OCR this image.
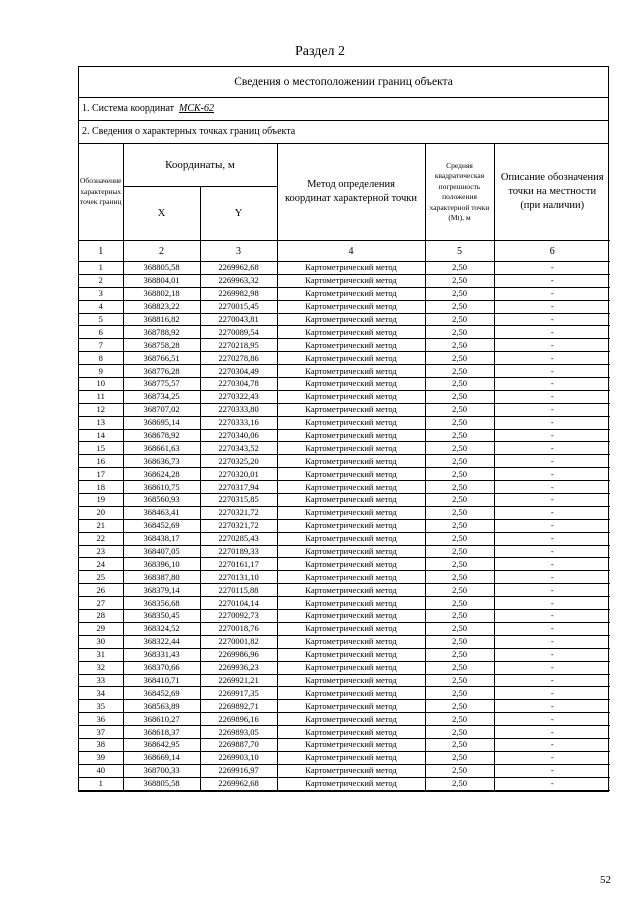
Раздел 2
Сведения о местоположении границ объекта
1. Система координат МСК-62
2. Сведения о характерных точках границ объекта
Обозначение характерных точек границ	Координаты, м		Метод определения координат характерной точки	Средняя квадратическая погрешность положения характерной точки (Mt), м	Описание обозначения точки на местности (при наличии)
	X	Y			
1	2	3	4	5	6
1	368805,58	2269962,68	Картометрический метод	2,50	-
2	368804,01	2269963,32	Картометрический метод	2,50	-
3	368802,18	2269982,98	Картометрический метод	2,50	-
4	368823,22	2270015,45	Картометрический метод	2,50	-
5	368816,82	2270043,81	Картометрический метод	2,50	-
6	368788,92	2270089,54	Картометрический метод	2,50	-
7	368758,28	2270218,95	Картометрический метод	2,50	-
8	368766,51	2270278,86	Картометрический метод	2,50	-
9	368776,28	2270304,49	Картометрический метод	2,50	-
10	368775,57	2270304,78	Картометрический метод	2,50	-
11	368734,25	2270322,43	Картометрический метод	2,50	-
12	368707,02	2270333,80	Картометрический метод	2,50	-
13	368695,14	2270333,16	Картометрический метод	2,50	-
14	368678,92	2270340,06	Картометрический метод	2,50	-
15	368661,63	2270343,52	Картометрический метод	2,50	-
16	368636,73	2270325,20	Картометрический метод	2,50	-
17	368624,28	2270320,01	Картометрический метод	2,50	-
18	368610,75	2270317,94	Картометрический метод	2,50	-
19	368560,93	2270315,85	Картометрический метод	2,50	-
20	368463,41	2270321,72	Картометрический метод	2,50	-
21	368452,69	2270321,72	Картометрический метод	2,50	-
22	368438,17	2270285,43	Картометрический метод	2,50	-
23	368407,05	2270189,33	Картометрический метод	2,50	-
24	368396,10	2270161,17	Картометрический метод	2,50	-
25	368387,80	2270131,10	Картометрический метод	2,50	-
26	368379,14	2270115,88	Картометрический метод	2,50	-
27	368356,68	2270104,14	Картометрический метод	2,50	-
28	368350,45	2270092,73	Картометрический метод	2,50	-
29	368324,52	2270018,76	Картометрический метод	2,50	-
30	368322,44	2270001,82	Картометрический метод	2,50	-
31	368331,43	2269986,96	Картометрический метод	2,50	-
32	368370,66	2269936,23	Картометрический метод	2,50	-
33	368410,71	2269921,21	Картометрический метод	2,50	-
34	368452,69	2269917,35	Картометрический метод	2,50	-
35	368563,89	2269892,71	Картометрический метод	2,50	-
36	368610,27	2269896,16	Картометрический метод	2,50	-
37	368618,37	2269893,05	Картометрический метод	2,50	-
38	368642,95	2269887,70	Картометрический метод	2,50	-
39	368669,14	2269903,10	Картометрический метод	2,50	-
40	368700,33	2269916,97	Картометрический метод	2,50	-
1	368805,58	2269962,68	Картометрический метод	2,50	-
52
